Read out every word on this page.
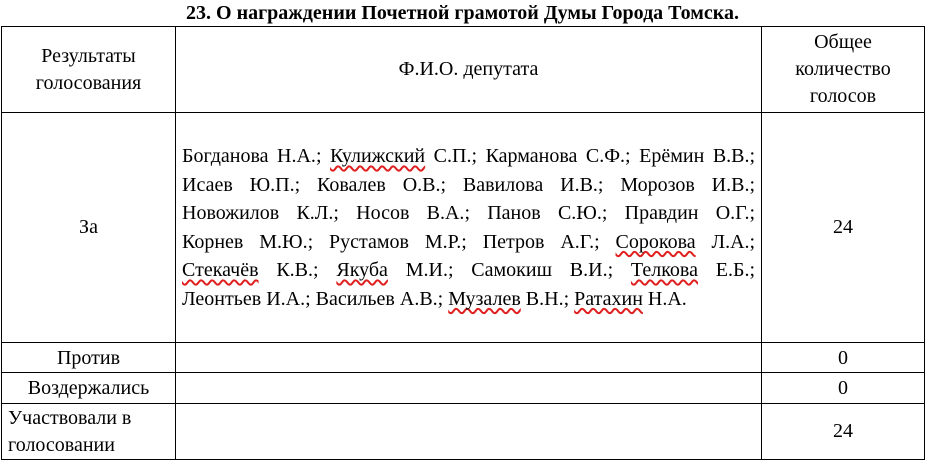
23. О награждении Почетной грамотой Думы Города Томска.
Результаты голосования	Ф.И.О. депутата	Общее количество голосов
За	Богданова Н.А.; Кулижский С.П.; Карманова С.Ф.; Ерёмин В.В.; Исаев Ю.П.; Ковалев О.В.; Вавилова И.В.; Морозов И.В.; Новожилов К.Л.; Носов В.А.; Панов С.Ю.; Правдин О.Г.; Корнев М.Ю.; Рустамов М.Р.; Петров А.Г.; Сорокова Л.А.; Стекачёв К.В.; Якуба М.И.; Самокиш В.И.; Телкова Е.Б.; Леонтьев И.А.; Васильев А.В.; Музалев В.Н.; Ратахин Н.А.	24
Против		0
Воздержались		0
Участвовали в голосовании		24
